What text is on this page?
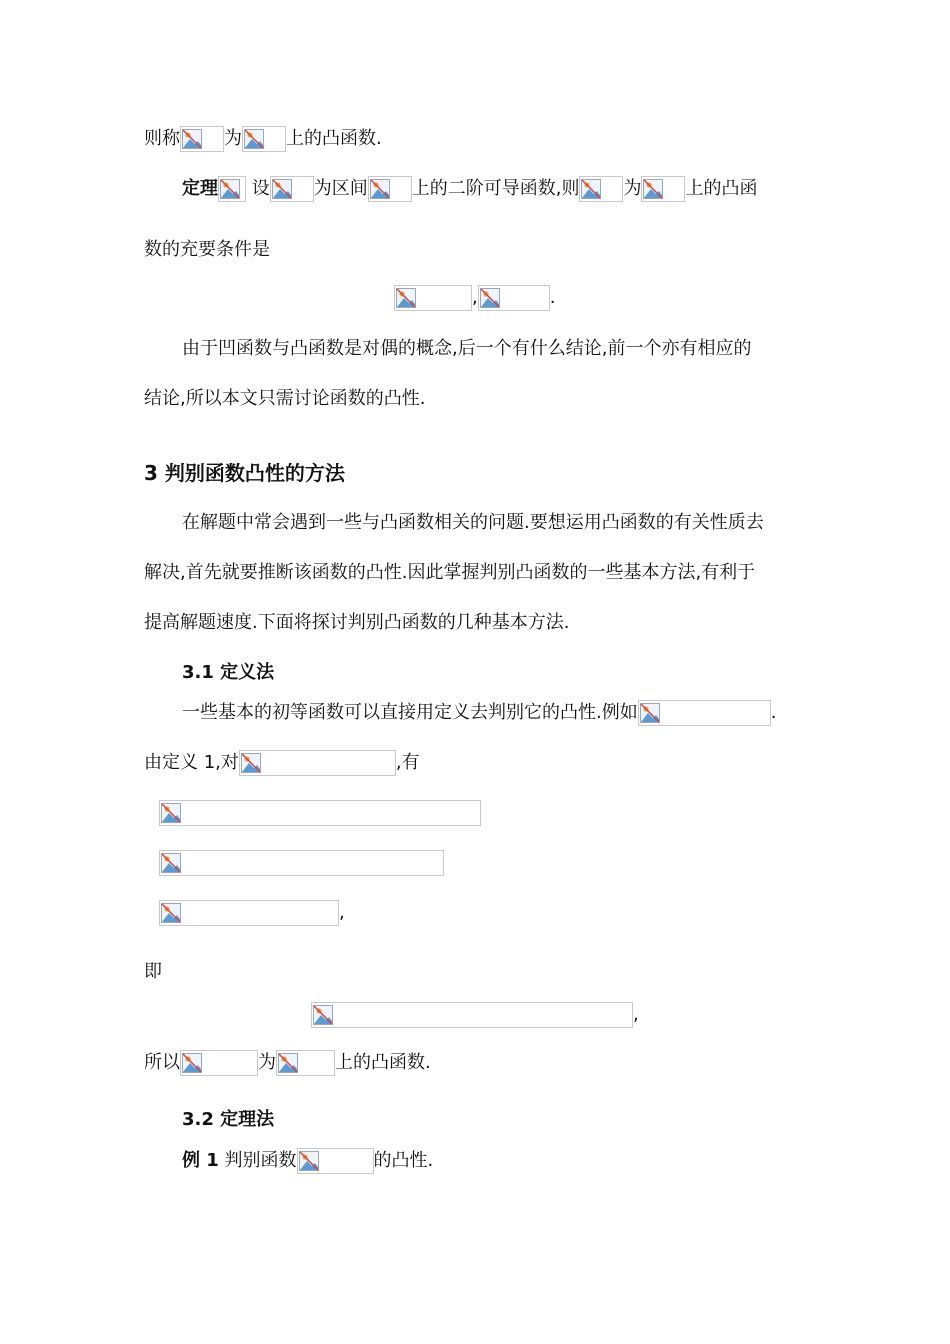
则称 为 上的凸函数.
定理 设 为区间 上的二阶可导函数,则 为 上的凸函
数的充要条件是
,	.
由于凹函数与凸函数是对偶的概念,后一个有什么结论,前一个亦有相应的
结论,所以本文只需讨论函数的凸性.
3 判别函数凸性的方法
在解题中常会遇到一些与凸函数相关的问题.要想运用凸函数的有关性质去
解决,首先就要推断该函数的凸性.因此掌握判别凸函数的一些基本方法,有利于
提高解题速度.下面将探讨判别凸函数的几种基本方法.
3.1 定义法
一些基本的初等函数可以直接用定义去判别它的凸性.例如	.
由定义 1,对	,有
,
即
,
所以	为	上的凸函数.
3.2 定理法
例 1 判别函数	的凸性.
